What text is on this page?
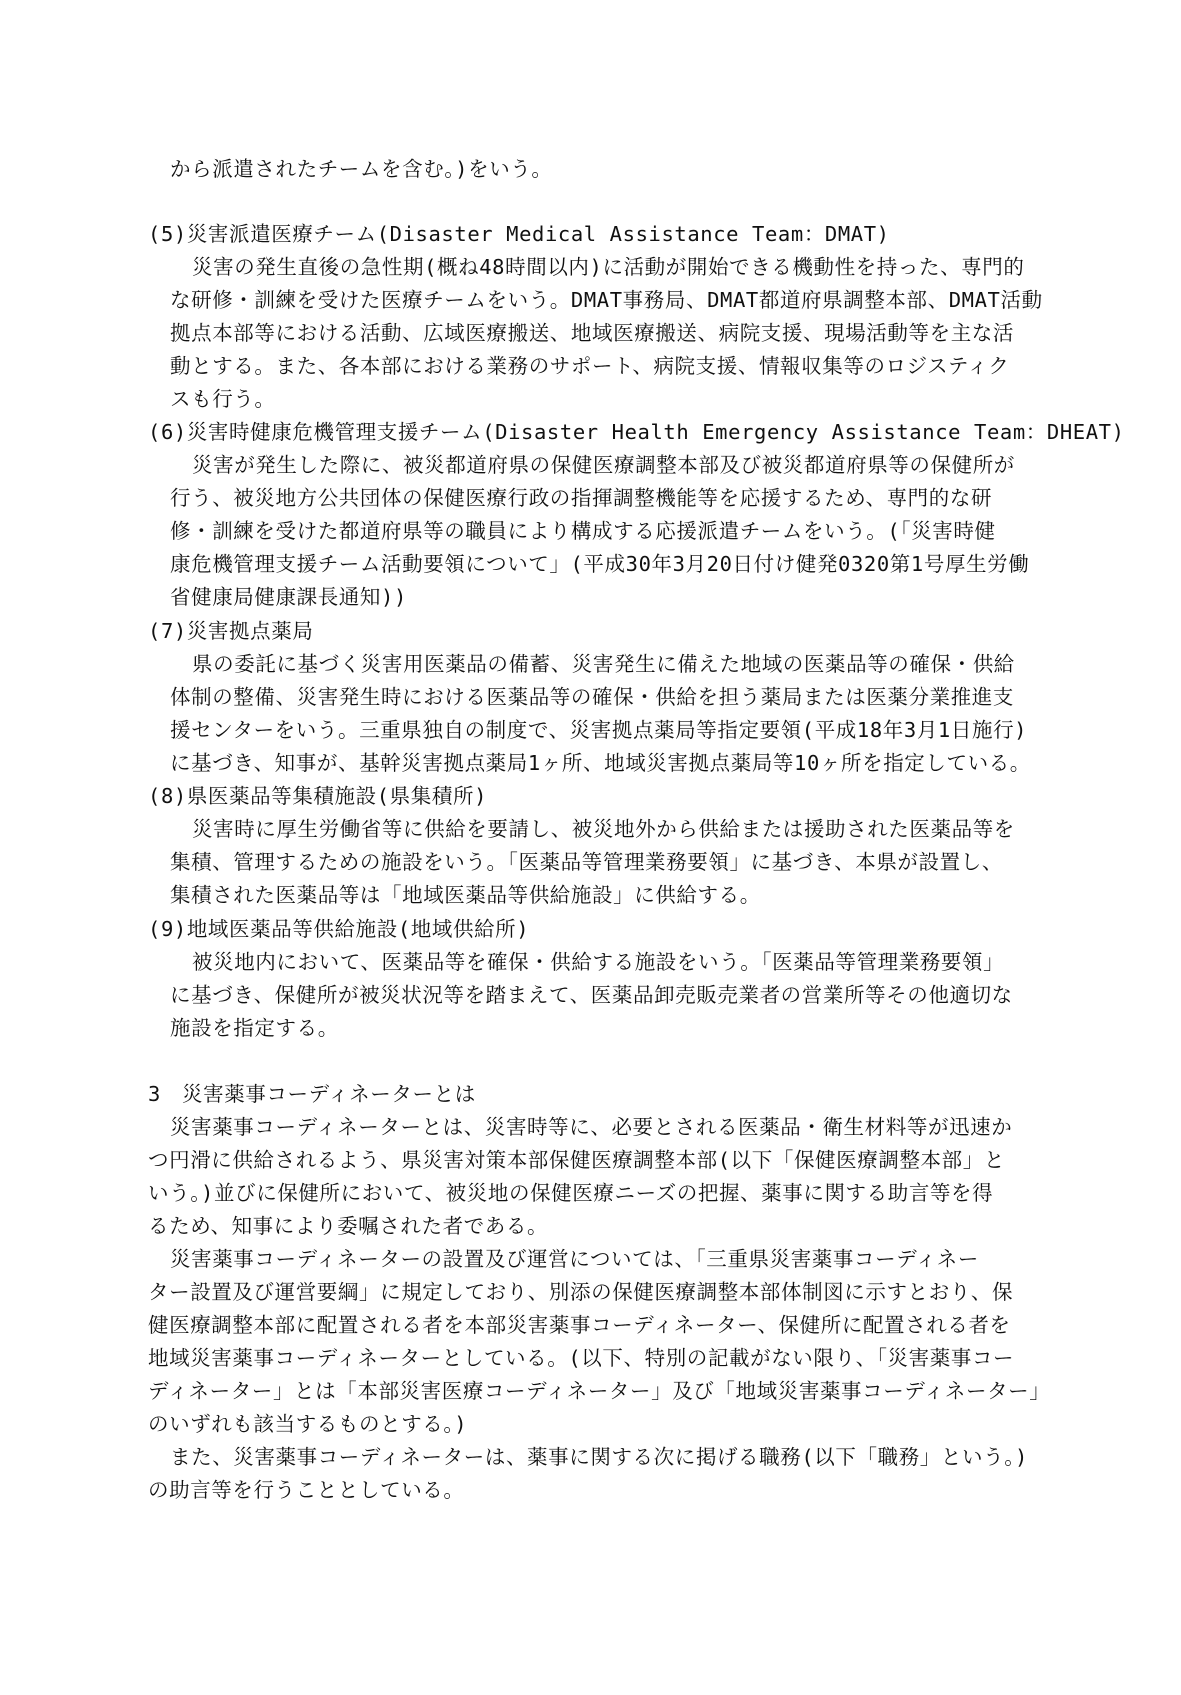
から派遣されたチームを含む。)をいう。
(5)災害派遣医療チーム(Disaster Medical Assistance Team：DMAT)
災害の発生直後の急性期(概ね48時間以内)に活動が開始できる機動性を持った、専門的
な研修・訓練を受けた医療チームをいう。DMAT事務局、DMAT都道府県調整本部、DMAT活動
拠点本部等における活動、広域医療搬送、地域医療搬送、病院支援、現場活動等を主な活
動とする。また、各本部における業務のサポート、病院支援、情報収集等のロジスティク
スも行う。
(6)災害時健康危機管理支援チーム(Disaster Health Emergency Assistance Team：DHEAT)
災害が発生した際に、被災都道府県の保健医療調整本部及び被災都道府県等の保健所が
行う、被災地方公共団体の保健医療行政の指揮調整機能等を応援するため、専門的な研
修・訓練を受けた都道府県等の職員により構成する応援派遣チームをいう。(「災害時健
康危機管理支援チーム活動要領について」(平成30年3月20日付け健発0320第1号厚生労働
省健康局健康課長通知))
(7)災害拠点薬局
県の委託に基づく災害用医薬品の備蓄、災害発生に備えた地域の医薬品等の確保・供給
体制の整備、災害発生時における医薬品等の確保・供給を担う薬局または医薬分業推進支
援センターをいう。三重県独自の制度で、災害拠点薬局等指定要領(平成18年3月1日施行)
に基づき、知事が、基幹災害拠点薬局1ヶ所、地域災害拠点薬局等10ヶ所を指定している。
(8)県医薬品等集積施設(県集積所)
災害時に厚生労働省等に供給を要請し、被災地外から供給または援助された医薬品等を
集積、管理するための施設をいう。「医薬品等管理業務要領」に基づき、本県が設置し、
集積された医薬品等は「地域医薬品等供給施設」に供給する。
(9)地域医薬品等供給施設(地域供給所)
被災地内において、医薬品等を確保・供給する施設をいう。「医薬品等管理業務要領」
に基づき、保健所が被災状況等を踏まえて、医薬品卸売販売業者の営業所等その他適切な
施設を指定する。
3　災害薬事コーディネーターとは
災害薬事コーディネーターとは、災害時等に、必要とされる医薬品・衛生材料等が迅速か
つ円滑に供給されるよう、県災害対策本部保健医療調整本部(以下「保健医療調整本部」と
いう。)並びに保健所において、被災地の保健医療ニーズの把握、薬事に関する助言等を得
るため、知事により委嘱された者である。
災害薬事コーディネーターの設置及び運営については、「三重県災害薬事コーディネー
ター設置及び運営要綱」に規定しており、別添の保健医療調整本部体制図に示すとおり、保
健医療調整本部に配置される者を本部災害薬事コーディネーター、保健所に配置される者を
地域災害薬事コーディネーターとしている。(以下、特別の記載がない限り、「災害薬事コー
ディネーター」とは「本部災害医療コーディネーター」及び「地域災害薬事コーディネーター」
のいずれも該当するものとする。)
また、災害薬事コーディネーターは、薬事に関する次に掲げる職務(以下「職務」という。)
の助言等を行うこととしている。
